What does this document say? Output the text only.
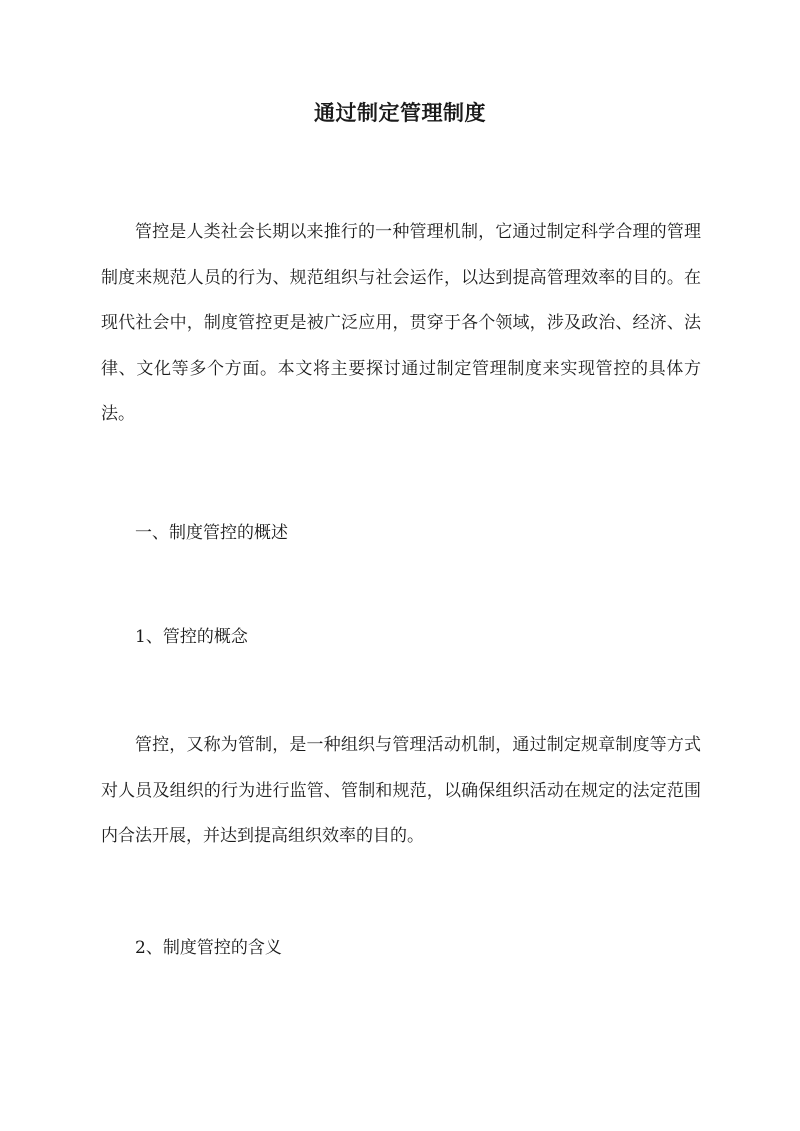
通过制定管理制度

管控是人类社会长期以来推行的一种管理机制，它通过制定科学合理的管理制度来规范人员的行为、规范组织与社会运作，以达到提高管理效率的目的。在现代社会中，制度管控更是被广泛应用，贯穿于各个领域，涉及政治、经济、法律、文化等多个方面。本文将主要探讨通过制定管理制度来实现管控的具体方法。

一、制度管控的概述

1、管控的概念

管控，又称为管制，是一种组织与管理活动机制，通过制定规章制度等方式对人员及组织的行为进行监管、管制和规范，以确保组织活动在规定的法定范围内合法开展，并达到提高组织效率的目的。

2、制度管控的含义
